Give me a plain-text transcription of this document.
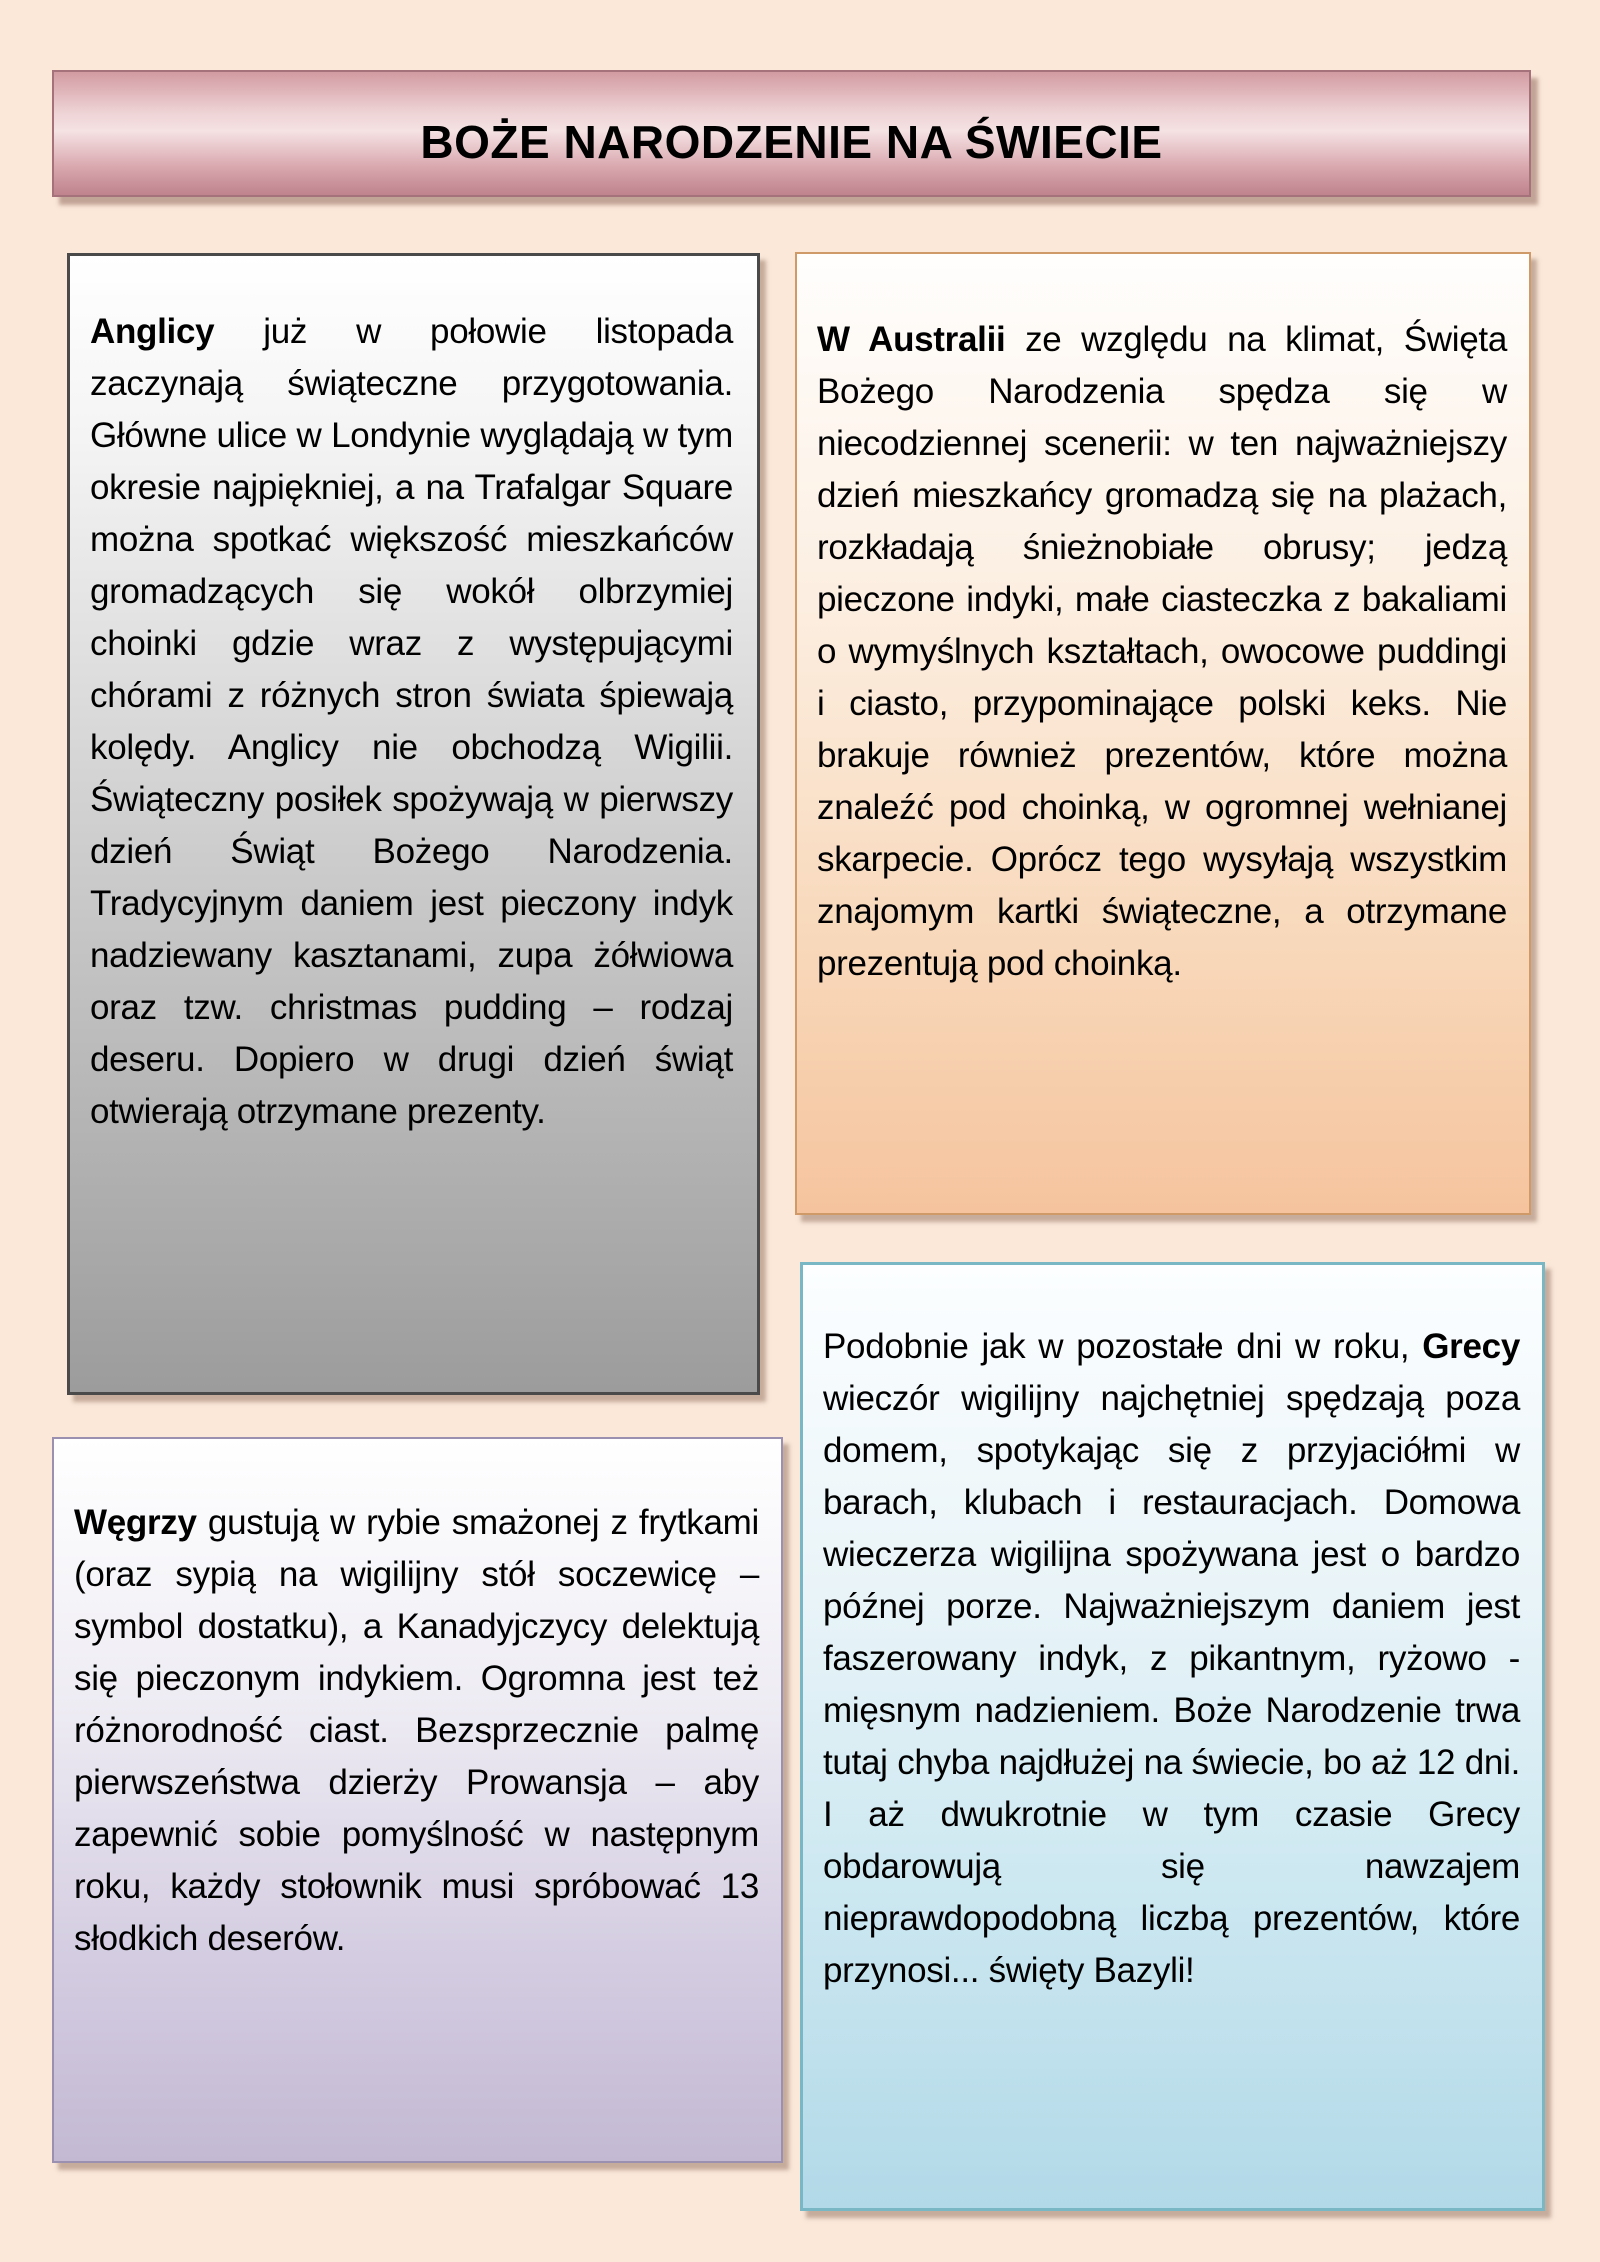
BOŻE NARODZENIE NA ŚWIECIE

Anglicy już w połowie listopada zaczynają świąteczne przygotowania. Główne ulice w Londynie wyglądają w tym okresie najpiękniej, a na Trafalgar Square można spotkać większość mieszkańców gromadzących się wokół olbrzymiej choinki gdzie wraz z występującymi chórami z różnych stron świata śpiewają kolędy. Anglicy nie obchodzą Wigilii. Świąteczny posiłek spożywają w pierwszy dzień Świąt Bożego Narodzenia. Tradycyjnym daniem jest pieczony indyk nadziewany kasztanami, zupa żółwiowa oraz tzw. christmas pudding – rodzaj deseru. Dopiero w drugi dzień świąt otwierają otrzymane prezenty.

W Australii ze względu na klimat, Święta Bożego Narodzenia spędza się w niecodziennej scenerii: w ten najważniejszy dzień mieszkańcy gromadzą się na plażach, rozkładają śnieżnobiałe obrusy; jedzą pieczone indyki, małe ciasteczka z bakaliami o wymyślnych kształtach, owocowe puddingi i ciasto, przypominające polski keks. Nie brakuje również prezentów, które można znaleźć pod choinką, w ogromnej wełnianej skarpecie. Oprócz tego wysyłają wszystkim znajomym kartki świąteczne, a otrzymane prezentują pod choinką.

Węgrzy gustują w rybie smażonej z frytkami (oraz sypią na wigilijny stół soczewicę – symbol dostatku), a Kanadyjczycy delektują się pieczonym indykiem. Ogromna jest też różnorodność ciast. Bezsprzecznie palmę pierwszeństwa dzierży Prowansja – aby zapewnić sobie pomyślność w następnym roku, każdy stołownik musi spróbować 13 słodkich deserów.

Podobnie jak w pozostałe dni w roku, Grecy wieczór wigilijny najchętniej spędzają poza domem, spotykając się z przyjaciółmi w barach, klubach i restauracjach. Domowa wieczerza wigilijna spożywana jest o bardzo późnej porze. Najważniejszym daniem jest faszerowany indyk, z pikantnym, ryżowo - mięsnym nadzieniem. Boże Narodzenie trwa tutaj chyba najdłużej na świecie, bo aż 12 dni. I aż dwukrotnie w tym czasie Grecy obdarowują się nawzajem nieprawdopodobną liczbą prezentów, które przynosi... święty Bazyli!
